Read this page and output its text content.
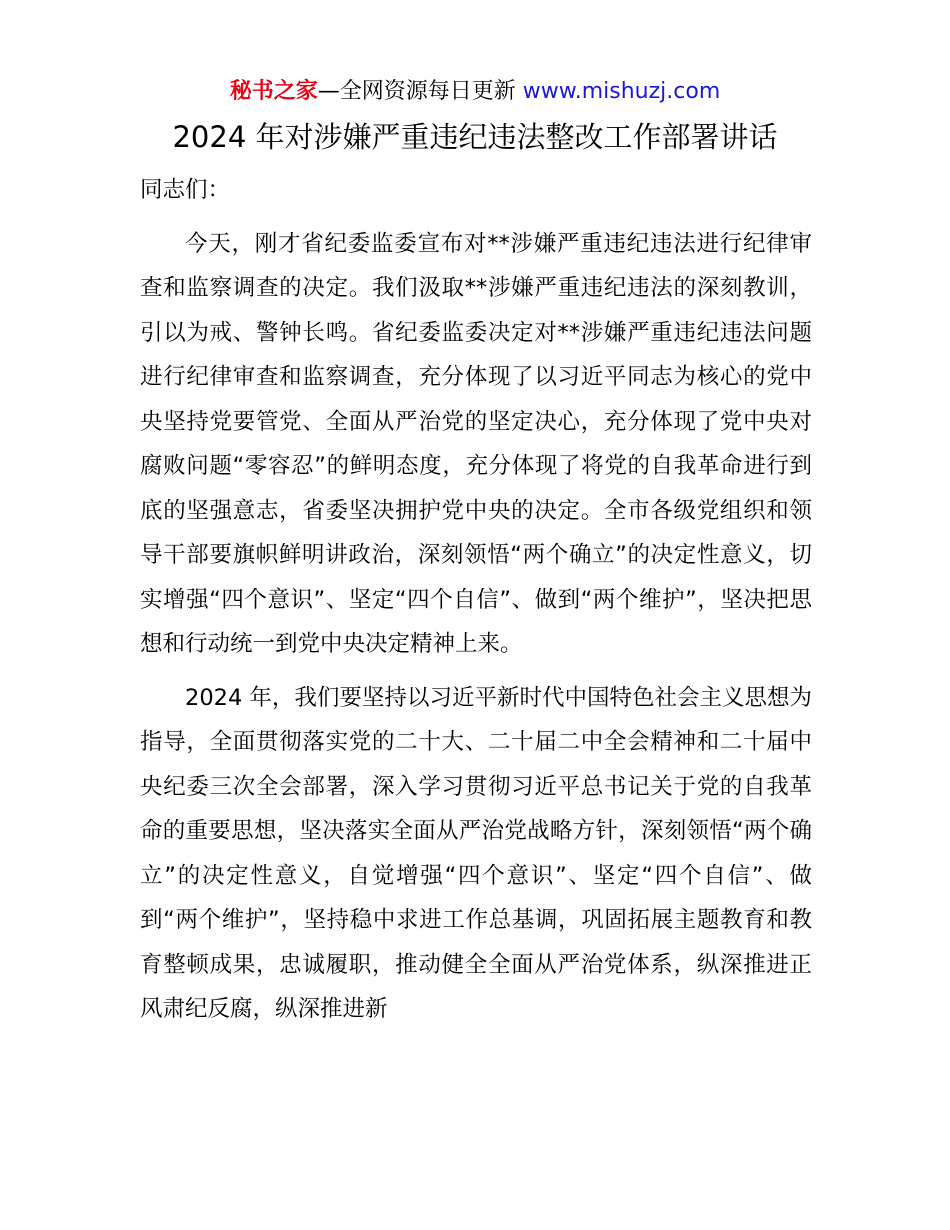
秘书之家—全网资源每日更新 www.mishuzj.com
2024 年对涉嫌严重违纪违法整改工作部署讲话

同志们：

今天，刚才省纪委监委宣布对**涉嫌严重违纪违法进行纪律审查和监察调查的决定。我们汲取**涉嫌严重违纪违法的深刻教训，引以为戒、警钟长鸣。省纪委监委决定对**涉嫌严重违纪违法问题进行纪律审查和监察调查，充分体现了以习近平同志为核心的党中央坚持党要管党、全面从严治党的坚定决心，充分体现了党中央对腐败问题“零容忍”的鲜明态度，充分体现了将党的自我革命进行到底的坚强意志，省委坚决拥护党中央的决定。全市各级党组织和领导干部要旗帜鲜明讲政治，深刻领悟“两个确立”的决定性意义，切实增强“四个意识”、坚定“四个自信”、做到“两个维护”，坚决把思想和行动统一到党中央决定精神上来。

2024 年，我们要坚持以习近平新时代中国特色社会主义思想为指导，全面贯彻落实党的二十大、二十届二中全会精神和二十届中央纪委三次全会部署，深入学习贯彻习近平总书记关于党的自我革命的重要思想，坚决落实全面从严治党战略方针，深刻领悟“两个确立”的决定性意义，自觉增强“四个意识”、坚定“四个自信”、做到“两个维护”，坚持稳中求进工作总基调，巩固拓展主题教育和教育整顿成果，忠诚履职，推动健全全面从严治党体系，纵深推进正风肃纪反腐，纵深推进新
